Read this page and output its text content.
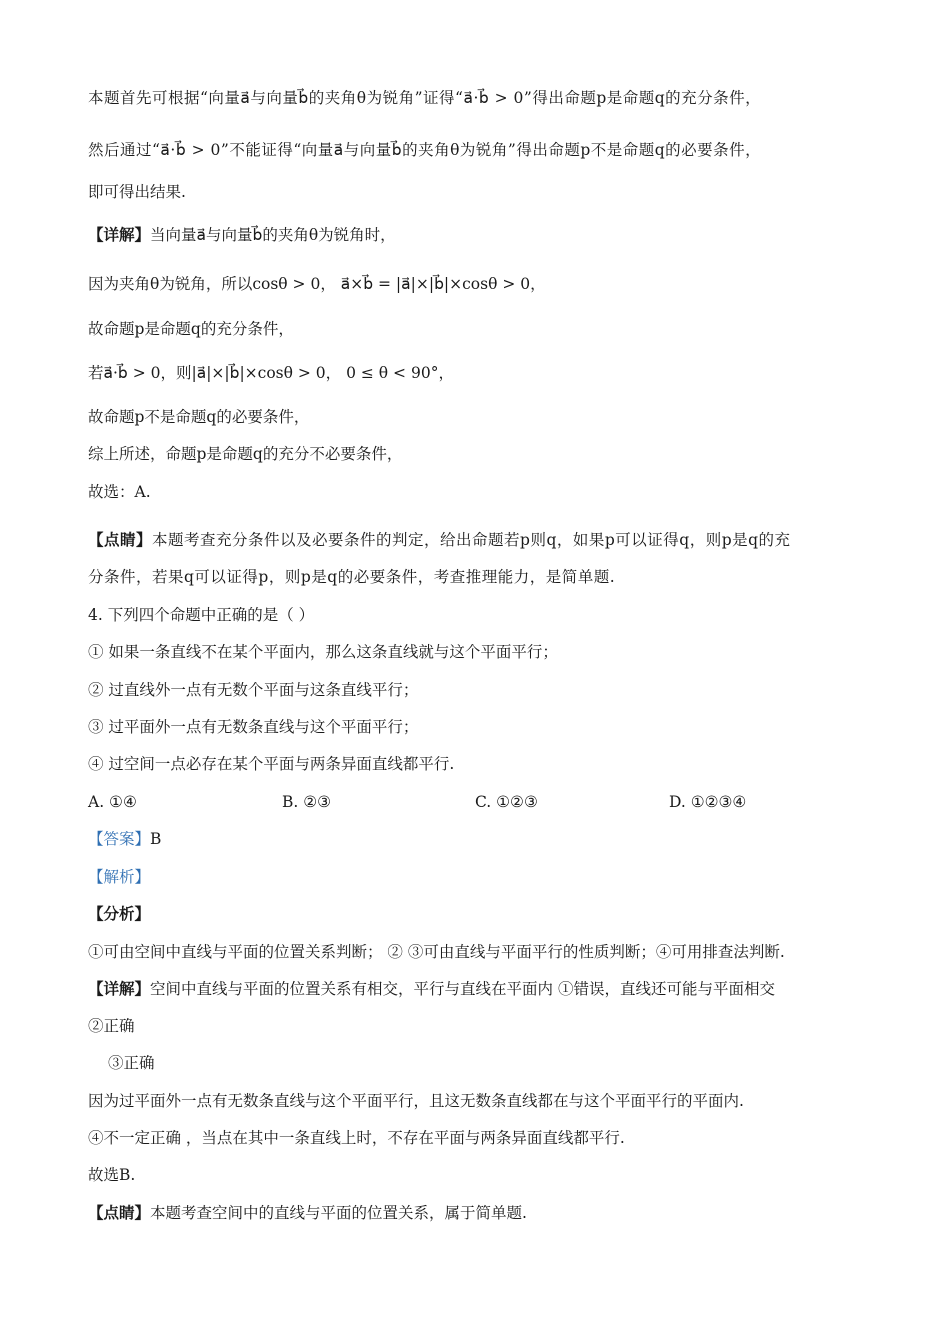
本题首先可根据“向量a⃗与向量b⃗的夹角θ为锐角”证得“a⃗·b⃗ > 0”得出命题p是命题q的充分条件，
然后通过“a⃗·b⃗ > 0”不能证得“向量a⃗与向量b⃗的夹角θ为锐角”得出命题p不是命题q的必要条件，
即可得出结果.
【详解】当向量a⃗与向量b⃗的夹角θ为锐角时，
因为夹角θ为锐角，所以cosθ > 0， a⃗×b⃗ = |a⃗|×|b⃗|×cosθ > 0，
故命题p是命题q的充分条件，
若a⃗·b⃗ > 0，则|a⃗|×|b⃗|×cosθ > 0， 0 ≤ θ < 90°，
故命题p不是命题q的必要条件，
综上所述，命题p是命题q的充分不必要条件，
故选：A.
【点睛】本题考查充分条件以及必要条件的判定，给出命题若p则q，如果p可以证得q，则p是q的充
分条件，若果q可以证得p，则p是q的必要条件，考查推理能力，是简单题.
4. 下列四个命题中正确的是（ ）
① 如果一条直线不在某个平面内，那么这条直线就与这个平面平行；
② 过直线外一点有无数个平面与这条直线平行；
③ 过平面外一点有无数条直线与这个平面平行；
④ 过空间一点必存在某个平面与两条异面直线都平行.
A. ①④	B. ②③	C. ①②③	D. ①②③④
【答案】B
【解析】
【分析】
①可由空间中直线与平面的位置关系判断； ② ③可由直线与平面平行的性质判断；④可用排查法判断.
【详解】空间中直线与平面的位置关系有相交，平行与直线在平面内 ①错误，直线还可能与平面相交
②正确
③正确
因为过平面外一点有无数条直线与这个平面平行，且这无数条直线都在与这个平面平行的平面内.
④不一定正确 ，当点在其中一条直线上时，不存在平面与两条异面直线都平行.
故选B.
【点睛】本题考查空间中的直线与平面的位置关系，属于简单题.
